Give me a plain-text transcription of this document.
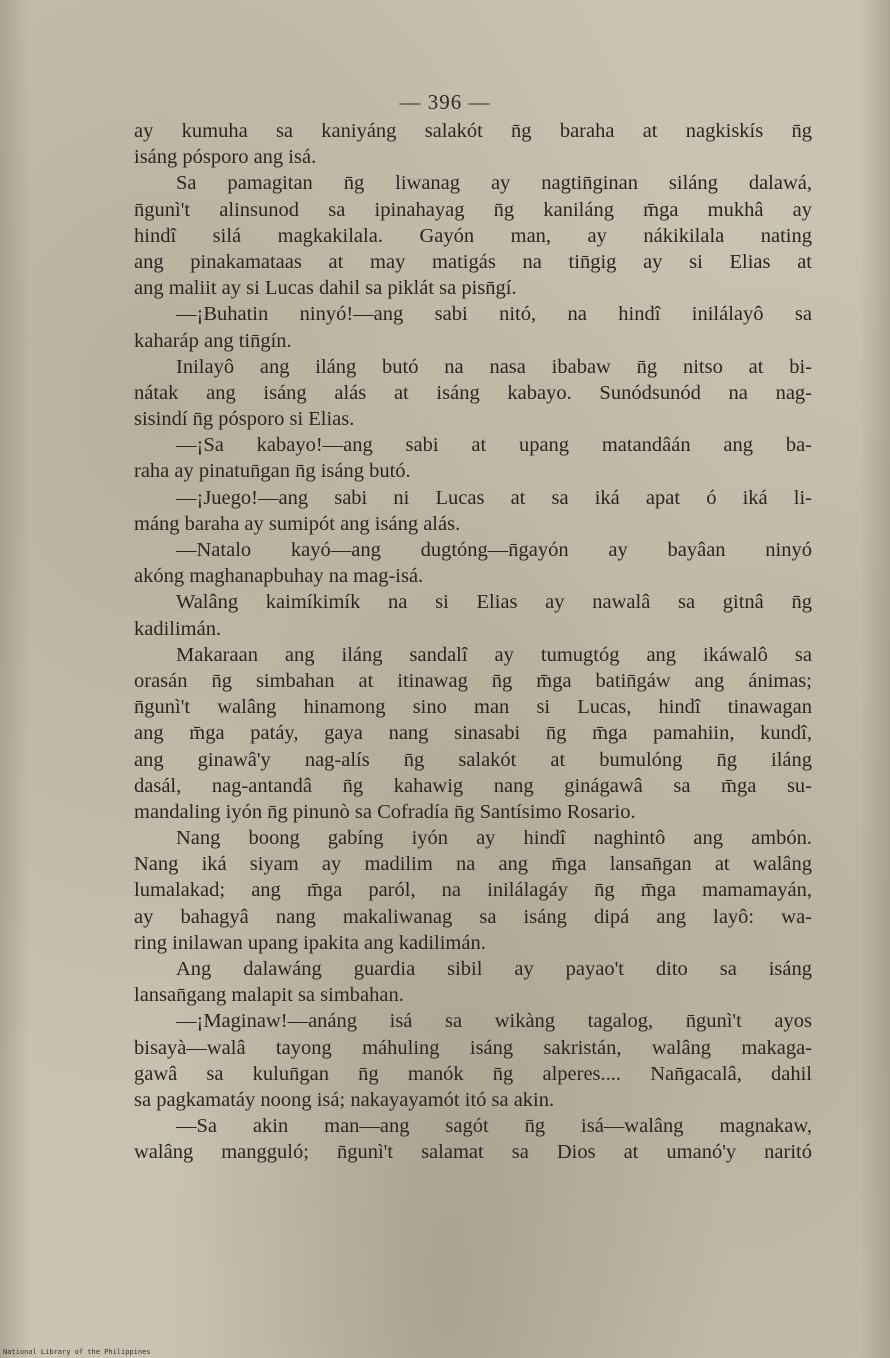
— 396 —
ay kumuha sa kaniyáng salakót n̄g baraha at nagkiskís n̄g
isáng pósporo ang isá.
Sa pamagitan n̄g liwanag ay nagtin̄ginan siláng dalawá,
n̄gunì't alinsunod sa ipinahayag n̄g kaniláng m̄ga mukhâ ay
hindî silá magkakilala. Gayón man, ay nákikilala nating
ang pinakamataas at may matigás na tin̄gig ay si Elias at
ang maliit ay si Lucas dahil sa piklát sa pisn̄gí.
—¡Buhatin ninyó!—ang sabi nitó, na hindî inilálayô sa
kaharáp ang tin̄gín.
Inilayô ang iláng butó na nasa ibabaw n̄g nitso at bi-
nátak ang isáng alás at isáng kabayo. Sunódsunód na nag-
sisindí n̄g pósporo si Elias.
—¡Sa kabayo!—ang sabi at upang matandâán ang ba-
raha ay pinatun̄gan n̄g isáng butó.
—¡Juego!—ang sabi ni Lucas at sa iká apat ó iká li-
máng baraha ay sumipót ang isáng alás.
—Natalo kayó—ang dugtóng—n̄gayón ay bayâan ninyó
akóng maghanapbuhay na mag-isá.
Walâng kaimíkimík na si Elias ay nawalâ sa gitnâ n̄g
kadilimán.
Makaraan ang iláng sandalî ay tumugtóg ang ikáwalô sa
orasán n̄g simbahan at itinawag n̄g m̄ga batin̄gáw ang ánimas;
n̄gunì't walâng hinamong sino man si Lucas, hindî tinawagan
ang m̄ga patáy, gaya nang sinasabi n̄g m̄ga pamahiin, kundî,
ang ginawâ'y nag-alís n̄g salakót at bumulóng n̄g iláng
dasál, nag-antandâ n̄g kahawig nang ginágawâ sa m̄ga su-
mandaling iyón n̄g pinunò sa Cofradía n̄g Santísimo Rosario.
Nang boong gabíng iyón ay hindî naghintô ang ambón.
Nang iká siyam ay madilim na ang m̄ga lansan̄gan at walâng
lumalakad; ang m̄ga paról, na inilálagáy n̄g m̄ga mamamayán,
ay bahagyâ nang makaliwanag sa isáng dipá ang layô: wa-
ring inilawan upang ipakita ang kadilimán.
Ang dalawáng guardia sibil ay payao't dito sa isáng
lansan̄gang malapit sa simbahan.
—¡Maginaw!—anáng isá sa wikàng tagalog, n̄gunì't ayos
bisayà—walâ tayong máhuling isáng sakristán, walâng makaga-
gawâ sa kulun̄gan n̄g manók n̄g alperes.... Nan̄gacalâ, dahil
sa pagkamatáy noong isá; nakayayamót itó sa akin.
—Sa akin man—ang sagót n̄g isá—walâng magnakaw,
walâng mangguló; n̄gunì't salamat sa Dios at umanó'y naritó
National Library of the Philippines
